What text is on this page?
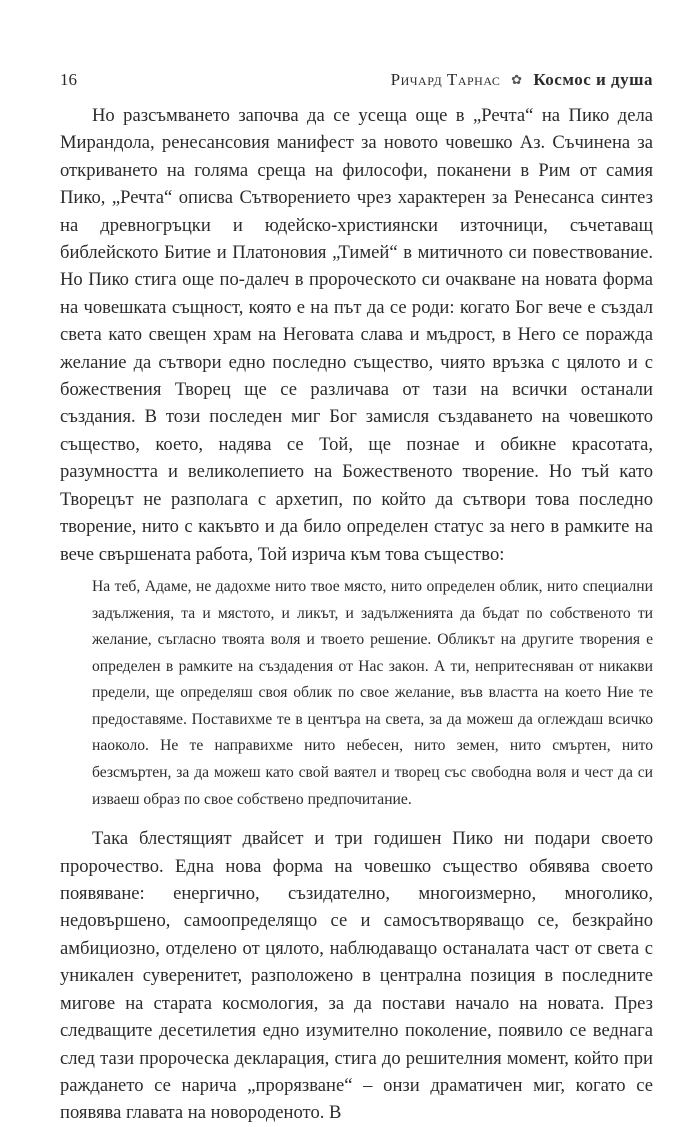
16	Ричард Тарнас ✿ Космос и душа

Но разсъмването започва да се усеща още в „Речта“ на Пико дела Мирандола, ренесансовия манифест за новото човешко Аз. Съчинена за откриването на голяма среща на философи, поканени в Рим от самия Пико, „Речта“ описва Сътворението чрез характерен за Ренесанса синтез на древногръцки и юдейско-християнски източници, съчетаващ библейското Битие и Платоновия „Тимей“ в митичното си повествование. Но Пико стига още по-далеч в пророческото си очакване на новата форма на човешката същност, която е на път да се роди: когато Бог вече е създал света като свещен храм на Неговата слава и мъдрост, в Него се поражда желание да сътвори едно последно същество, чиято връзка с цялото и с божествения Творец ще се различава от тази на всички останали създания. В този последен миг Бог замисля създаването на човешкото същество, което, надява се Той, ще познае и обикне красотата, разумността и великолепието на Божественото творение. Но тъй като Творецът не разполага с архетип, по който да сътвори това последно творение, нито с какъвто и да било определен статус за него в рамките на вече свършената работа, Той изрича към това същество:

На теб, Адаме, не дадохме нито твое място, нито определен облик, нито специални задължения, та и мястото, и ликът, и задълженията да бъдат по собственото ти желание, съгласно твоята воля и твоето решение. Обликът на другите творения е определен в рамките на създадения от Нас закон. А ти, непритесняван от никакви предели, ще определяш своя облик по свое желание, във властта на което Ние те предоставяме. Поставихме те в центъра на света, за да можеш да оглеждаш всичко наоколо. Не те направихме нито небесен, нито земен, нито смъртен, нито безсмъртен, за да можеш като свой ваятел и творец със свободна воля и чест да си изваеш образ по свое собствено предпочитание.

Така блестящият двайсет и три годишен Пико ни подари своето пророчество. Една нова форма на човешко същество обявява своето появяване: енергично, съзидателно, многоизмерно, многолико, недовършено, самоопределящо се и самосътворяващо се, безкрайно амбициозно, отделено от цялото, наблюдаващо останалата част от света с уникален суверенитет, разположено в централна позиция в последните мигове на старата космология, за да постави начало на новата. През следващите десетилетия едно изумително поколение, появило се веднага след тази пророческа декларация, стига до решителния момент, който при раждането се нарича „прорязване“ – онзи драматичен миг, когато се появява главата на новороденото. В
